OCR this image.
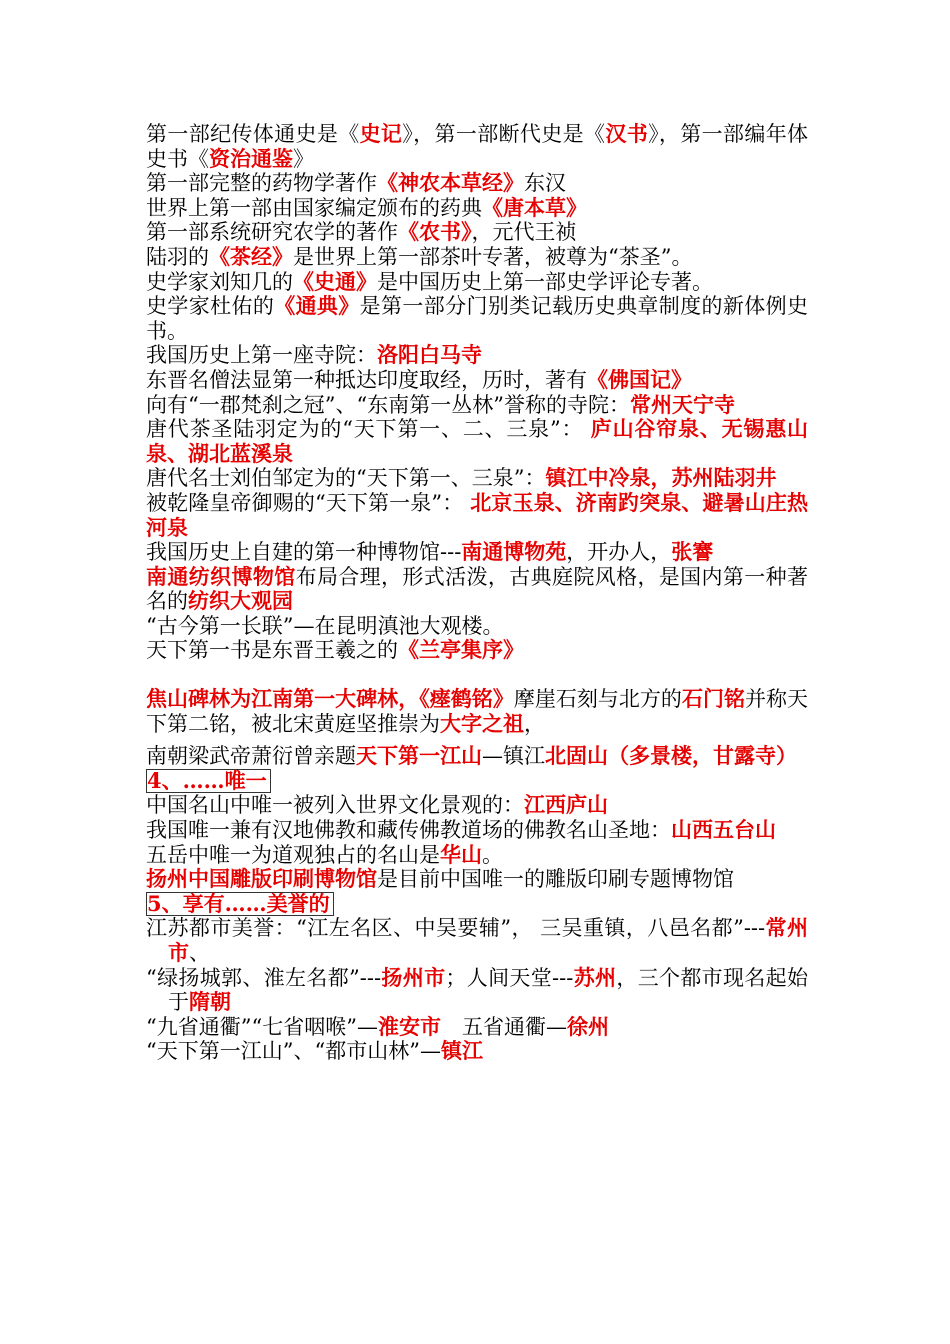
第一部纪传体通史是《史记》，第一部断代史是《汉书》，第一部编年体史书《资治通鉴》
第一部完整的药物学著作《神农本草经》东汉
世界上第一部由国家编定颁布的药典《唐本草》
第一部系统研究农学的著作《农书》，元代王祯
陆羽的《茶经》是世界上第一部茶叶专著，被尊为“茶圣”。
史学家刘知几的《史通》是中国历史上第一部史学评论专著。
史学家杜佑的《通典》是第一部分门别类记载历史典章制度的新体例史书。
我国历史上第一座寺院：洛阳白马寺
东晋名僧法显第一种抵达印度取经，历时，著有《佛国记》
向有“一郡梵刹之冠”、“东南第一丛林”誉称的寺院：常州天宁寺
唐代茶圣陆羽定为的“天下第一、二、三泉”： 庐山谷帘泉、无锡惠山泉、湖北蓝溪泉
唐代名士刘伯邹定为的“天下第一、三泉”：镇江中冷泉，苏州陆羽井
被乾隆皇帝御赐的“天下第一泉”： 北京玉泉、济南趵突泉、避暑山庄热河泉
我国历史上自建的第一种博物馆---南通博物苑，开办人，张謇
南通纺织博物馆布局合理，形式活泼，古典庭院风格，是国内第一种著名的纺织大观园
“古今第一长联”—在昆明滇池大观楼。
天下第一书是东晋王羲之的《兰亭集序》
焦山碑林为江南第一大碑林，《瘗鹤铭》摩崖石刻与北方的石门铭并称天下第二铭，被北宋黄庭坚推崇为大字之祖，
南朝梁武帝萧衍曾亲题天下第一江山—镇江北固山（多景楼，甘露寺）
4、……唯一
中国名山中唯一被列入世界文化景观的：江西庐山
我国唯一兼有汉地佛教和藏传佛教道场的佛教名山圣地：山西五台山
五岳中唯一为道观独占的名山是华山。
扬州中国雕版印刷博物馆是目前中国唯一的雕版印刷专题博物馆
5、享有……美誉的
江苏都市美誉：“江左名区、中吴要辅”， 三吴重镇，八邑名都”---常州市、
“绿扬城郭、淮左名都”---扬州市；人间天堂---苏州，三个都市现名起始于隋朝
“九省通衢”“七省咽喉”—淮安市　五省通衢—徐州
“天下第一江山”、“都市山林”—镇江
